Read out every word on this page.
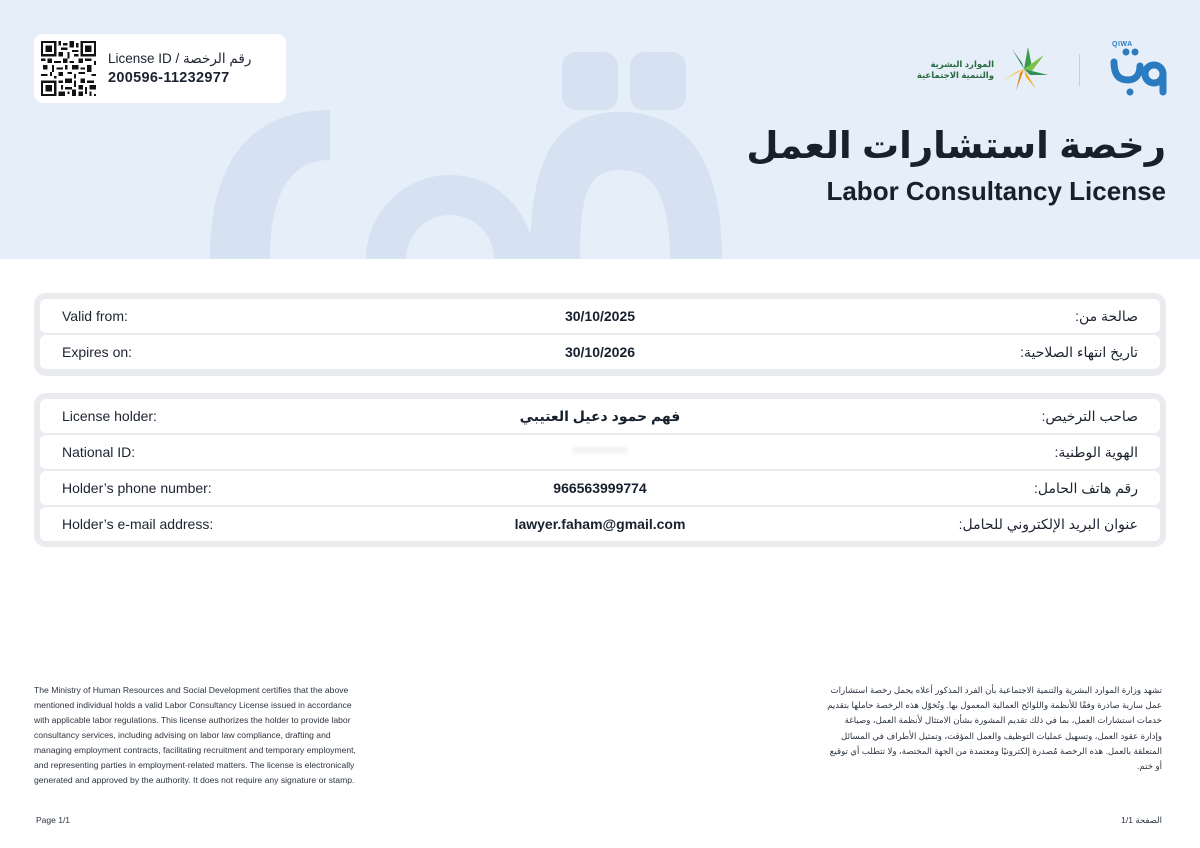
License ID / رقم الرخصة
200596-11232977
QIWA
الموارد البشرية
والتنمية الاجتماعية
رخصة استشارات العمل
Labor Consultancy License
Valid from:	30/10/2025	صالحة من:
Expires on:	30/10/2026	تاريخ انتهاء الصلاحية:
License holder:	فهم حمود دعيل العتيبي	صاحب الترخيص:
National ID:	**********	الهوية الوطنية:
Holder’s phone number:	966563999774	رقم هاتف الحامل:
Holder’s e-mail address:	lawyer.faham@gmail.com	عنوان البريد الإلكتروني للحامل:
The Ministry of Human Resources and Social Development certifies that the above mentioned individual holds a valid Labor Consultancy License issued in accordance with applicable labor regulations. This license authorizes the holder to provide labor consultancy services, including advising on labor law compliance, drafting and managing employment contracts, facilitating recruitment and temporary employment, and representing parties in employment-related matters. The license is electronically generated and approved by the authority. It does not require any signature or stamp.
تشهد وزارة الموارد البشرية والتنمية الاجتماعية بأن الفرد المذكور أعلاه يحمل رخصة استشارات عمل سارية صادرة وفقًا للأنظمة واللوائح العمالية المعمول بها. وتُخوّل هذه الرخصة حاملها بتقديم خدمات استشارات العمل، بما في ذلك تقديم المشورة بشأن الامتثال لأنظمة العمل، وصياغة وإدارة عقود العمل، وتسهيل عمليات التوظيف والعمل المؤقت، وتمثيل الأطراف في المسائل المتعلقة بالعمل. هذه الرخصة مُصدرة إلكترونيًا ومعتمدة من الجهة المختصة، ولا تتطلب أي توقيع أو ختم.
Page 1/1	الصفحة 1/1
